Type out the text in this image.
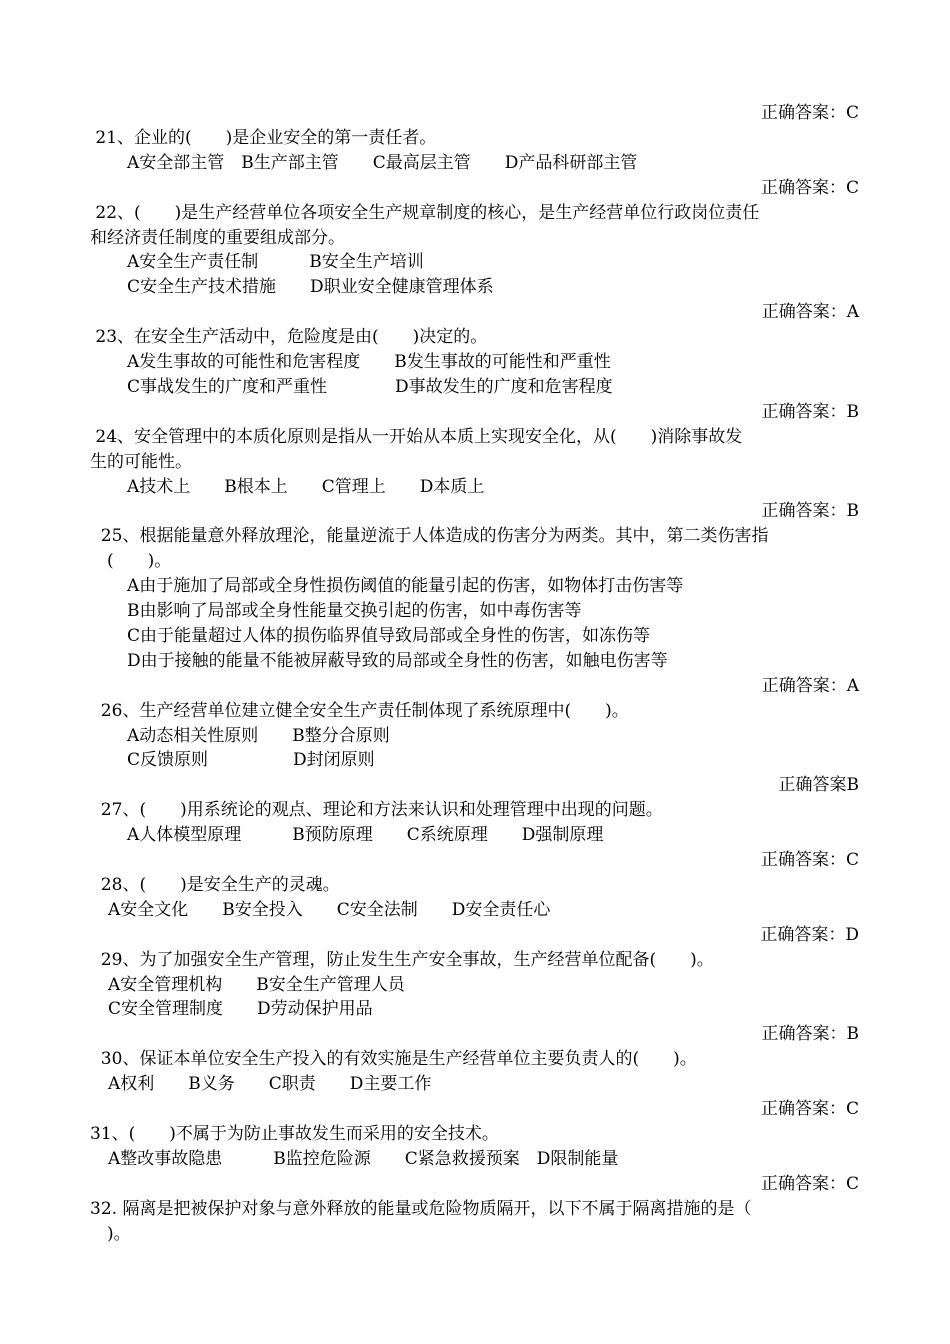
正确答案：C
21、企业的(　　)是企业安全的第一责任者。
A安全部主管　B生产部主管　　C最高层主管　　D产品科研部主管
正确答案：C
22、(　　)是生产经营单位各项安全生产规章制度的核心，是生产经营单位行政岗位责任
和经济责任制度的重要组成部分。
A安全生产责任制　　　B安全生产培训
C安全生产技术措施　　D职业安全健康管理体系
正确答案：A
23、在安全生产活动中，危险度是由(　　)决定的。
A发生事故的可能性和危害程度　　B发生事故的可能性和严重性
C事战发生的广度和严重性　　　　D事故发生的广度和危害程度
正确答案：B
24、安全管理中的本质化原则是指从一开始从本质上实现安全化，从(　　)消除事故发
生的可能性。
A技术上　　B根本上　　C管理上　　D本质上
正确答案：B
25、根据能量意外释放理沦，能量逆流于人体造成的伤害分为两类。其中，第二类伤害指
　(　　)。
A由于施加了局部或全身性损伤阈值的能量引起的伤害，如物体打击伤害等
B由影响了局部或全身性能量交换引起的伤害，如中毒伤害等
C由于能量超过人体的损伤临界值导致局部或全身性的伤害，如冻伤等
D由于接触的能量不能被屏蔽导致的局部或全身性的伤害，如触电伤害等
正确答案：A
26、生产经营单位建立健全安全生产责任制体现了系统原理中(　　)。
A动态相关性原则　　B整分合原则
C反馈原则　　　　　D封闭原则
正确答案B
27、(　　)用系统论的观点、理论和方法来认识和处理管理中出现的问题。
A人体模型原理　　　B预防原理　　C系统原理　　D强制原理
正确答案：C
28、(　　)是安全生产的灵魂。
A安全文化　　B安全投入　　C安全法制　　D安全责任心
正确答案：D
29、为了加强安全生产管理，防止发生生产安全事故，生产经营单位配备(　　)。
A安全管理机构　　B安全生产管理人员
C安全管理制度　　D劳动保护用品
正确答案：B
30、保证本单位安全生产投入的有效实施是生产经营单位主要负责人的(　　)。
A权利　　B义务　　C职责　　D主要工作
正确答案：C
31、(　　)不属于为防止事故发生而采用的安全技术。
A整改事故隐患　　　B监控危险源　　C紧急救援预案　D限制能量
正确答案：C
32. 隔离是把被保护对象与意外释放的能量或危险物质隔开，以下不属于隔离措施的是（
　)。
